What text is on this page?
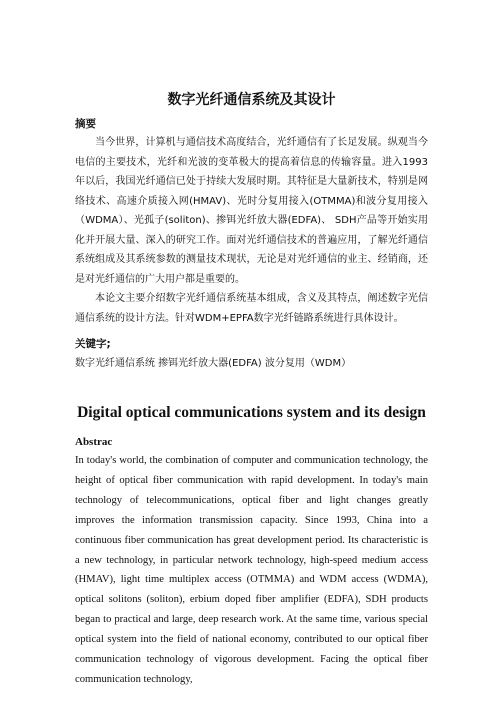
数字光纤通信系统及其设计
摘要

当今世界，计算机与通信技术高度结合，光纤通信有了长足发展。纵观当今电信的主要技术，光纤和光波的变革极大的提高着信息的传输容量。进入1993年以后，我国光纤通信已处于持续大发展时期。其特征是大量新技术，特别是网络技术、高速介质接入网(HMAV)、光时分复用接入(OTMMA)和波分复用接入（WDMA）、光孤子(soliton)、掺铒光纤放大器(EDFA)、 SDH产品等开始实用化并开展大量、深入的研究工作。面对光纤通信技术的普遍应用，了解光纤通信系统组成及其系统参数的测量技术现状，无论是对光纤通信的业主、经销商，还是对光纤通信的广大用户都是重要的。

本论文主要介绍数字光纤通信系统基本组成，含义及其特点，阐述数字光信通信系统的设计方法。针对WDM+EPFA数字光纤链路系统进行具体设计。

关键字;
数字光纤通信系统 掺铒光纤放大器(EDFA) 波分复用（WDM）
Digital optical communications system and its design
Abstrac

In today's world, the combination of computer and communication technology, the height of optical fiber communication with rapid development. In today's main technology of telecommunications, optical fiber and light changes greatly improves the information transmission capacity. Since 1993, China into a continuous fiber communication has great development period. Its characteristic is a new technology, in particular network technology, high-speed medium access (HMAV), light time multiplex access (OTMMA) and WDM access (WDMA), optical solitons (soliton), erbium doped fiber amplifier (EDFA), SDH products began to practical and large, deep research work. At the same time, various special optical system into the field of national economy, contributed to our optical fiber communication technology of vigorous development. Facing the optical fiber communication technology,
